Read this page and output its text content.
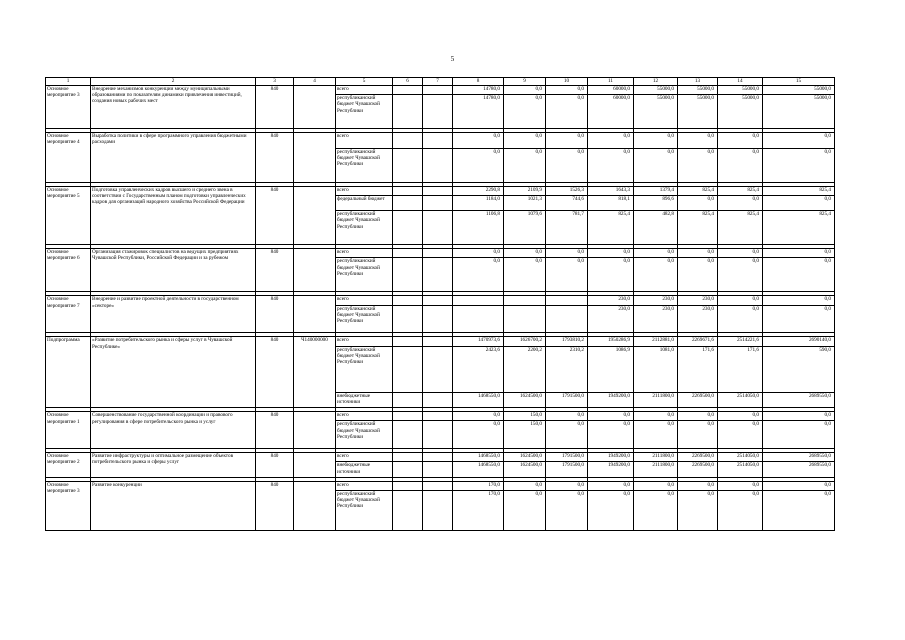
5
1	2	3	4	5	6	7	8	9	10	11	12	13	14	15
Основное мероприятие 3	Внедрение механизмов конкуренции между муниципальными образованиями по показателям динамики привлечения инвестиций, создания новых рабочих мест	840		всего			14780,0	0,0	0,0	60000,0	55000,0	55000,0	55000,0	55000,0
				республиканский бюджет Чувашской Республики			14780,0	0,0	0,0	60000,0	55000,0	55000,0	55000,0	55000,0

Основное мероприятие 4	Выработка политики в сфере программного управления бюджетными расходами	840		всего			0,0	0,0	0,0	0,0	0,0	0,0	0,0	0,0
				республиканский бюджет Чувашской Республики			0,0	0,0	0,0	0,0	0,0	0,0	0,0	0,0

Основное мероприятие 5	Подготовка управленческих кадров высшего и среднего звена в соответствии с Государственным планом подготовки управленческих кадров для организаций народного хозяйства Российской Федерации	840		всего			2290,8	2109,9	1526,3	1643,3	1379,4	825,4	825,4	825,4
				федеральный бюджет			1184,0	1021,3	744,6	818,1	896,6	0,0	0,0	0,0
				республиканский бюджет Чувашской Республики			1106,8	1079,6	781,7	825,4	482,8	825,4	825,4	825,4

Основное мероприятие 6	Организация стажировок специалистов на ведущих предприятиях Чувашской Республики, Российской Федерации и за рубежом	840		всего			0,0	0,0	0,0	0,0	0,0	0,0	0,0	0,0
				республиканский бюджет Чувашской Республики			0,0	0,0	0,0	0,0	0,0	0,0	0,0	0,0

Основное мероприятие 7	Внедрение и развитие проектной деятельности в государственном «секторе»	840		всего						230,0	230,0	230,0	0,0	0,0
				республиканский бюджет Чувашской Республики						230,0	230,0	230,0	0,0	0,0

Подпрограмма	«Развитие потребительского рынка и сферы услуг в Чувашской Республике»	840	Ч140000000	всего			1470973,6	1626700,2	1793810,2	1950286,9	2112881,0	2269671,6	2514221,6	2690140,0
				республиканский бюджет Чувашской Республики			2423,6	2200,2	2310,2	1086,9	1081,0	171,6	171,6	590,0
				внебюджетные источники			1468550,0	1624500,0	1791500,0	1949200,0	2111800,0	2269500,0	2514050,0	2689550,0

Основное мероприятие 1	Совершенствование государственной координации и правового регулирования в сфере потребительского рынка и услуг	840		всего			0,0	150,0	0,0	0,0	0,0	0,0	0,0	0,0
				республиканский бюджет Чувашской Республики			0,0	150,0	0,0	0,0	0,0	0,0	0,0	0,0

Основное мероприятие 2	Развитие инфраструктуры и оптимальное размещение объектов потребительского рынка и сферы услуг	840		всего			1468550,0	1624500,0	1791500,0	1949200,0	2111800,0	2269500,0	2514050,0	2689550,0
				внебюджетные источники			1468550,0	1624500,0	1791500,0	1949200,0	2111800,0	2269500,0	2514050,0	2689550,0

Основное мероприятие 3	Развитие конкуренции	840		всего			170,0	0,0	0,0	0,0	0,0	0,0	0,0	0,0
				республиканский бюджет Чувашской Республики			170,0	0,0	0,0	0,0	0,0	0,0	0,0	0,0
